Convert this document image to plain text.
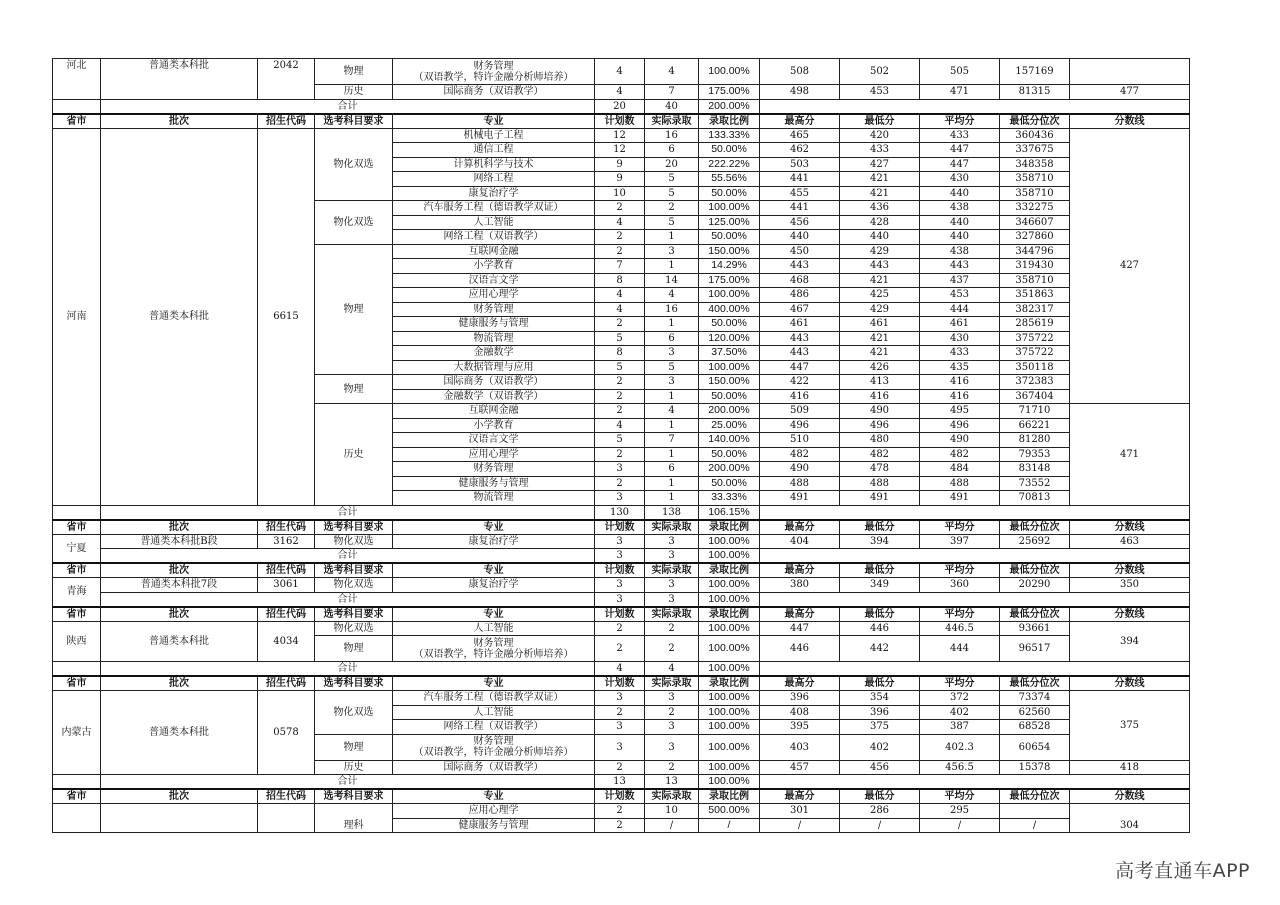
河北	普通类本科批	2042	物理	财务管理
（双语教学，特许金融分析师培养）	4	4	100.00%	508	502	505	157169	
			历史	国际商务（双语教学）	4	7	175.00%	498	453	471	81315	477
	合计				20	40	200.00%					
省市	批次	招生代码	选考科目要求	专业	计划数	实际录取	录取比例	最高分	最低分	平均分	最低分位次	分数线
河南	普通类本科批	6615	物化双选	机械电子工程	12	16	133.33%	465	420	433	360436	427
				通信工程	12	6	50.00%	462	433	447	337675	
				计算机科学与技术	9	20	222.22%	503	427	447	348358	
				网络工程	9	5	55.56%	441	421	430	358710	
				康复治疗学	10	5	50.00%	455	421	440	358710	
			物化双选	汽车服务工程（德语教学双证）	2	2	100.00%	441	436	438	332275	
				人工智能	4	5	125.00%	456	428	440	346607	
				网络工程（双语教学）	2	1	50.00%	440	440	440	327860	
			物理	互联网金融	2	3	150.00%	450	429	438	344796	
				小学教育	7	1	14.29%	443	443	443	319430	
				汉语言文学	8	14	175.00%	468	421	437	358710	
				应用心理学	4	4	100.00%	486	425	453	351863	
				财务管理	4	16	400.00%	467	429	444	382317	
				健康服务与管理	2	1	50.00%	461	461	461	285619	
				物流管理	5	6	120.00%	443	421	430	375722	
				金融数学	8	3	37.50%	443	421	433	375722	
				大数据管理与应用	5	5	100.00%	447	426	435	350118	
			物理	国际商务（双语教学）	2	3	150.00%	422	413	416	372383	
				金融数学（双语教学）	2	1	50.00%	416	416	416	367404	
			历史	互联网金融	2	4	200.00%	509	490	495	71710	471
				小学教育	4	1	25.00%	496	496	496	66221	
				汉语言文学	5	7	140.00%	510	480	490	81280	
				应用心理学	2	1	50.00%	482	482	482	79353	
				财务管理	3	6	200.00%	490	478	484	83148	
				健康服务与管理	2	1	50.00%	488	488	488	73552	
				物流管理	3	1	33.33%	491	491	491	70813	
	合计				130	138	106.15%					
省市	批次	招生代码	选考科目要求	专业	计划数	实际录取	录取比例	最高分	最低分	平均分	最低分位次	分数线
宁夏	普通类本科批B段	3162	物化双选	康复治疗学	3	3	100.00%	404	394	397	25692	463
	合计				3	3	100.00%					
省市	批次	招生代码	选考科目要求	专业	计划数	实际录取	录取比例	最高分	最低分	平均分	最低分位次	分数线
青海	普通类本科批7段	3061	物化双选	康复治疗学	3	3	100.00%	380	349	360	20290	350
	合计				3	3	100.00%					
省市	批次	招生代码	选考科目要求	专业	计划数	实际录取	录取比例	最高分	最低分	平均分	最低分位次	分数线
陕西	普通类本科批	4034	物化双选	人工智能	2	2	100.00%	447	446	446.5	93661	394
			物理	财务管理
（双语教学，特许金融分析师培养）	2	2	100.00%	446	442	444	96517	
	合计				4	4	100.00%					
省市	批次	招生代码	选考科目要求	专业	计划数	实际录取	录取比例	最高分	最低分	平均分	最低分位次	分数线
内蒙古	普通类本科批	0578	物化双选	汽车服务工程（德语教学双证）	3	3	100.00%	396	354	372	73374	375
				人工智能	2	2	100.00%	408	396	402	62560	
				网络工程（双语教学）	3	3	100.00%	395	375	387	68528	
			物理	财务管理
（双语教学，特许金融分析师培养）	3	3	100.00%	403	402	402.3	60654	
			历史	国际商务（双语教学）	2	2	100.00%	457	456	456.5	15378	418
	合计				13	13	100.00%					
省市	批次	招生代码	选考科目要求	专业	计划数	实际录取	录取比例	最高分	最低分	平均分	最低分位次	分数线
			理科	应用心理学	2	10	500.00%	301	286	295		304
				健康服务与管理	2	/	/	/	/	/	/	
高考直通车APP
